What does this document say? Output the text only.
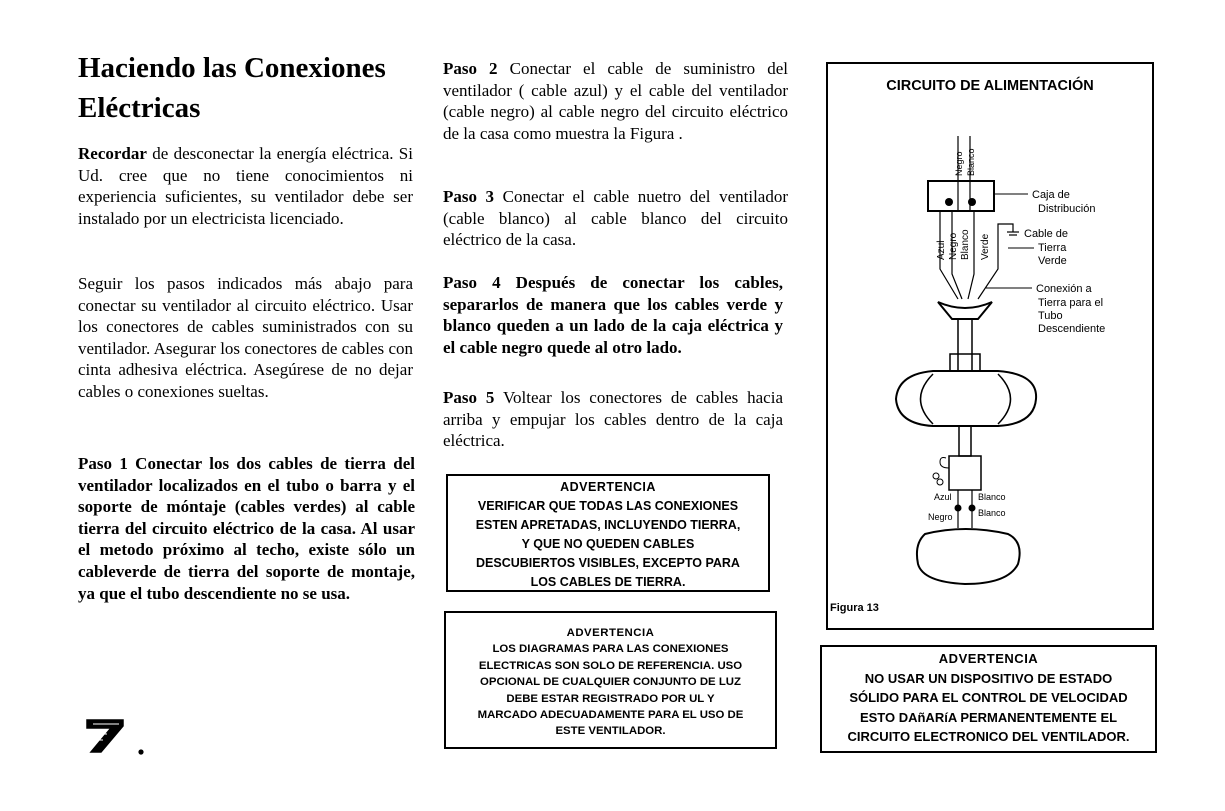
Haciendo las Conexiones
Eléctricas

Recordar de desconectar la energía eléctrica. Si Ud. cree que no tiene conocimientos ni experiencia suficientes, su ventilador debe ser instalado por un electricista licenciado.

Seguir los pasos indicados más abajo para conectar su ventilador al circuito eléctrico. Usar los conectores de cables suministrados con su ventilador. Asegurar los conectores de cables con cinta adhesiva eléctrica. Asegúrese de no dejar cables o conexiones sueltas.

Paso 1 Conectar los dos cables de tierra del ventilador localizados en el tubo o barra y el soporte de móntaje (cables verdes) al cable tierra del circuito eléctrico de la casa. Al usar el metodo próximo al techo, existe sólo un cableverde de tierra del soporte de montaje, ya que el tubo descendiente no se usa.

Paso 2 Conectar el cable de suministro del ventilador ( cable azul) y el cable del ventilador (cable negro) al cable negro del circuito eléctrico de la casa como muestra la Figura .

Paso 3 Conectar el cable nuetro del ventilador (cable blanco) al cable blanco del circuito eléctrico de la casa.

Paso 4 Después de conectar los cables, separarlos de manera que los cables verde y blanco queden a un lado de la caja eléctrica y el cable negro quede al otro lado.

Paso 5 Voltear los conectores de cables hacia arriba y empujar los cables dentro de la caja eléctrica.

ADVERTENCIA
VERIFICAR QUE TODAS LAS CONEXIONES
ESTEN APRETADAS, INCLUYENDO TIERRA,
Y QUE NO QUEDEN CABLES
DESCUBIERTOS VISIBLES, EXCEPTO PARA
LOS CABLES DE TIERRA.
ADVERTENCIA
LOS DIAGRAMAS PARA LAS CONEXIONES
ELECTRICAS SON SOLO DE REFERENCIA. USO
OPCIONAL DE CUALQUIER CONJUNTO DE LUZ
DEBE ESTAR REGISTRADO POR UL Y
MARCADO ADECUADAMENTE PARA EL USO DE
ESTE VENTILADOR.
ADVERTENCIA
NO USAR UN DISPOSITIVO DE ESTADO
SÓLIDO PARA EL CONTROL DE VELOCIDAD
ESTO DAñARíA PERMANENTEMENTE EL
CIRCUITO ELECTRONICO DEL VENTILADOR.
CIRCUITO DE ALIMENTACIÓN
Negro Blanco
Caja de
Distribución
Cable de
Tierra
Verde
Azul Negro Blanco Verde
Conexión a
Tierra para el
Tubo
Descendiente
Azul
Negro
Blanco
Blanco
Figura 13
7
